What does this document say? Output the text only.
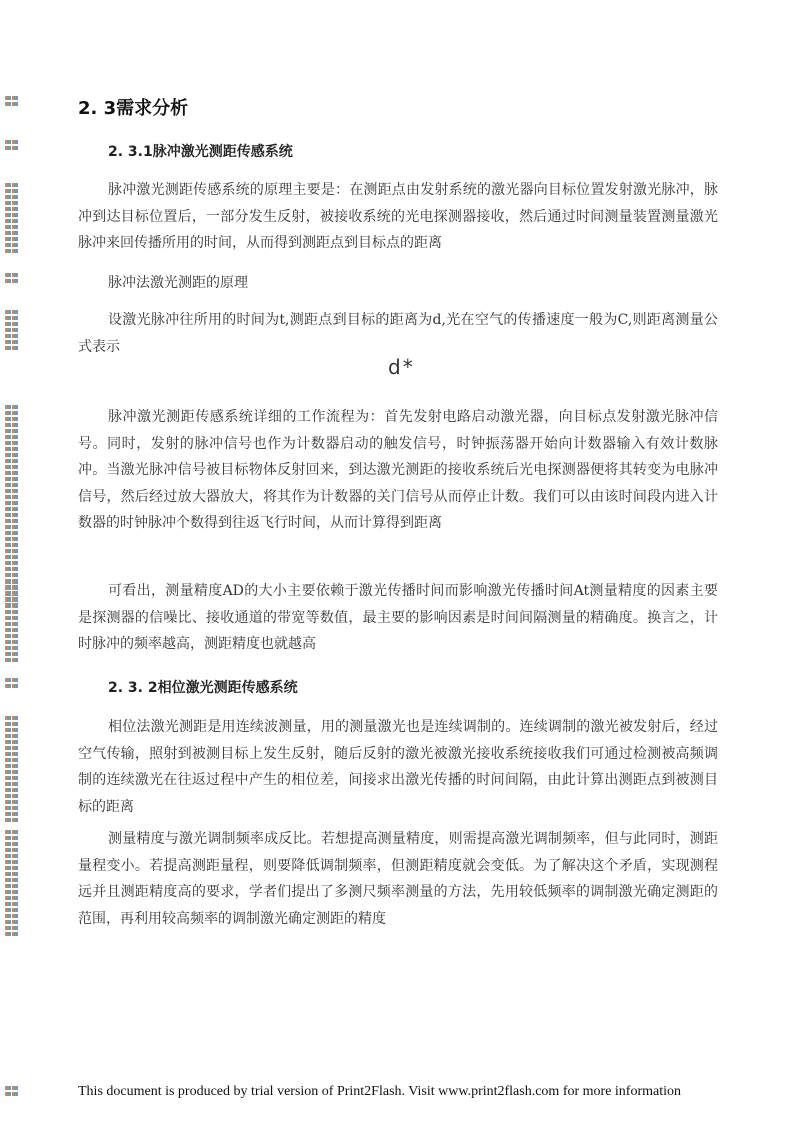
2. 3需求分析
2. 3.1脉冲激光测距传感系统
脉冲激光测距传感系统的原理主要是：在测距点由发射系统的激光器向目标位置发射激光脉冲，脉冲到达目标位置后，一部分发生反射，被接收系统的光电探测器接收，然后通过时间测量装置测量激光脉冲来回传播所用的时间，从而得到测距点到目标点的距离
脉冲法激光测距的原理
设激光脉冲往所用的时间为t,测距点到目标的距离为d,光在空气的传播速度一般为C,则距离测量公式表示
d*
脉冲激光测距传感系统详细的工作流程为：首先发射电路启动激光器，向目标点发射激光脉冲信号。同时，发射的脉冲信号也作为计数器启动的触发信号，时钟振荡器开始向计数器输入有效计数脉冲。当激光脉冲信号被目标物体反射回来，到达激光测距的接收系统后光电探测器便将其转变为电脉冲信号，然后经过放大器放大，将其作为计数器的关门信号从而停止计数。我们可以由该时间段内进入计数器的时钟脉冲个数得到往返飞行时间，从而计算得到距离
可看出，测量精度AD的大小主要依赖于激光传播时间而影响激光传播时间At测量精度的因素主要是探测器的信噪比、接收通道的带宽等数值，最主要的影响因素是时间间隔测量的精确度。换言之，计时脉冲的频率越高，测距精度也就越高
2. 3. 2相位激光测距传感系统
相位法激光测距是用连续波测量，用的测量激光也是连续调制的。连续调制的激光被发射后，经过空气传输，照射到被测目标上发生反射，随后反射的激光被激光接收系统接收我们可通过检测被高频调制的连续激光在往返过程中产生的相位差，间接求出激光传播的时间间隔，由此计算出测距点到被测目标的距离
测量精度与激光调制频率成反比。若想提高测量精度，则需提高激光调制频率，但与此同时，测距量程变小。若提高测距量程，则要降低调制频率，但测距精度就会变低。为了解决这个矛盾，实现测程远并且测距精度高的要求，学者们提出了多测尺频率测量的方法，先用较低频率的调制激光确定测距的范围，再利用较高频率的调制激光确定测距的精度
This document is produced by trial version of Print2Flash. Visit www.print2flash.com for more information
